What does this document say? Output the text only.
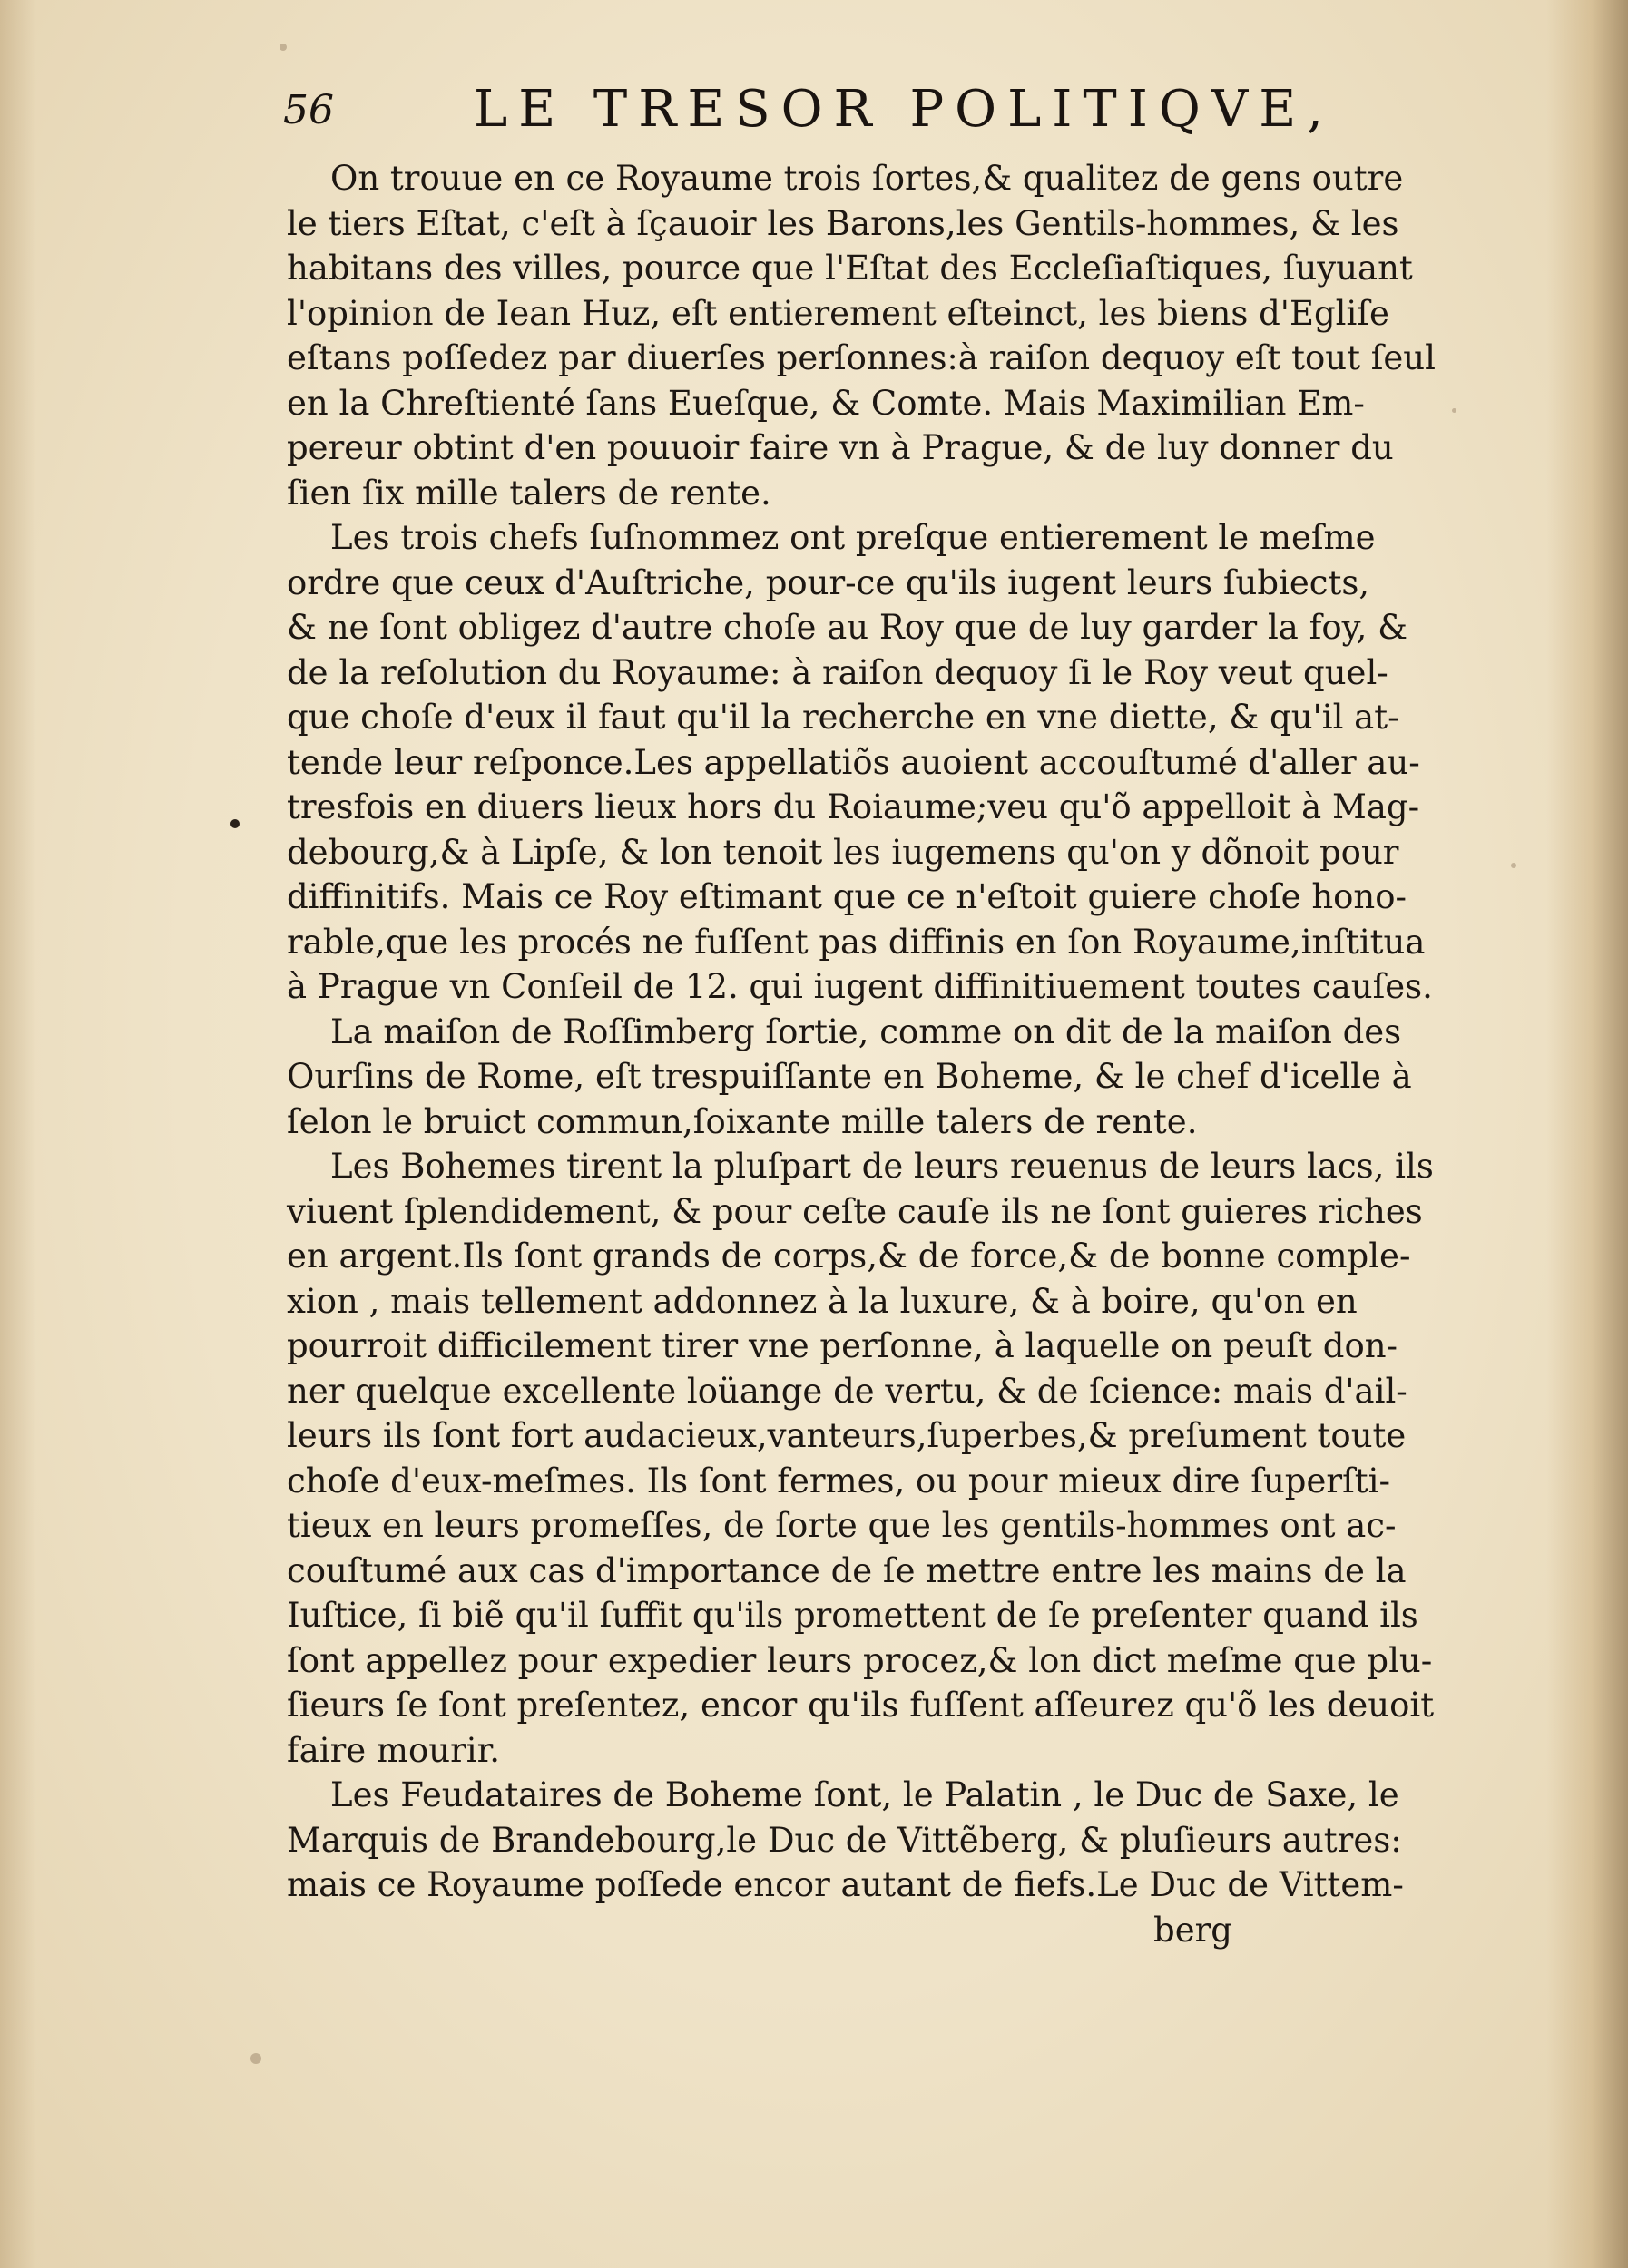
56	LE TRESOR POLITIQVE,
On trouue en ce Royaume trois ſortes,& qualitez de gens outre
le tiers Eſtat, c'eſt à ſçauoir les Barons,les Gentils-hommes, & les
habitans des villes, pource que l'Eſtat des Eccleſiaſtiques, ſuyuant
l'opinion de Iean Huz, eſt entierement eſteinct, les biens d'Egliſe
eſtans poſſedez par diuerſes perſonnes:à raiſon dequoy eſt tout ſeul
en la Chreſtienté ſans Eueſque, & Comte. Mais Maximilian Em-
pereur obtint d'en pouuoir faire vn à Prague, & de luy donner du
ſien ſix mille talers de rente.
Les trois chefs ſuſnommez ont preſque entierement le meſme
ordre que ceux d'Auſtriche, pour-ce qu'ils iugent leurs ſubiects,
& ne ſont obligez d'autre choſe au Roy que de luy garder la foy, &
de la reſolution du Royaume: à raiſon dequoy ſi le Roy veut quel-
que choſe d'eux il faut qu'il la recherche en vne diette, & qu'il at-
tende leur reſponce.Les appellatiõs auoient accouſtumé d'aller au-
tresfois en diuers lieux hors du Roiaume;veu qu'õ appelloit à Mag-
debourg,& à Lipſe, & lon tenoit les iugemens qu'on y dõnoit pour
diffinitifs. Mais ce Roy eſtimant que ce n'eſtoit guiere choſe hono-
rable,que les procés ne fuſſent pas diffinis en ſon Royaume,inſtitua
à Prague vn Conſeil de 12. qui iugent diffinitiuement toutes cauſes.
La maiſon de Roſſimberg ſortie, comme on dit de la maiſon des
Ourſins de Rome, eſt trespuiſſante en Boheme, & le chef d'icelle à
ſelon le bruict commun,ſoixante mille talers de rente.
Les Bohemes tirent la pluſpart de leurs reuenus de leurs lacs, ils
viuent ſplendidement, & pour ceſte cauſe ils ne ſont guieres riches
en argent.Ils ſont grands de corps,& de force,& de bonne comple-
xion , mais tellement addonnez à la luxure, & à boire, qu'on en
pourroit difficilement tirer vne perſonne, à laquelle on peuſt don-
ner quelque excellente loüange de vertu, & de ſcience: mais d'ail-
leurs ils ſont fort audacieux,vanteurs,ſuperbes,& preſument toute
choſe d'eux-meſmes. Ils ſont fermes, ou pour mieux dire ſuperſti-
tieux en leurs promeſſes, de ſorte que les gentils-hommes ont ac-
couſtumé aux cas d'importance de ſe mettre entre les mains de la
Iuſtice, ſi biẽ qu'il ſuffit qu'ils promettent de ſe preſenter quand ils
ſont appellez pour expedier leurs procez,& lon dict meſme que plu-
ſieurs ſe ſont preſentez, encor qu'ils fuſſent aſſeurez qu'õ les deuoit
faire mourir.
Les Feudataires de Boheme ſont, le Palatin , le Duc de Saxe, le
Marquis de Brandebourg,le Duc de Vittẽberg, & pluſieurs autres:
mais ce Royaume poſſede encor autant de fiefs.Le Duc de Vittem-
berg
